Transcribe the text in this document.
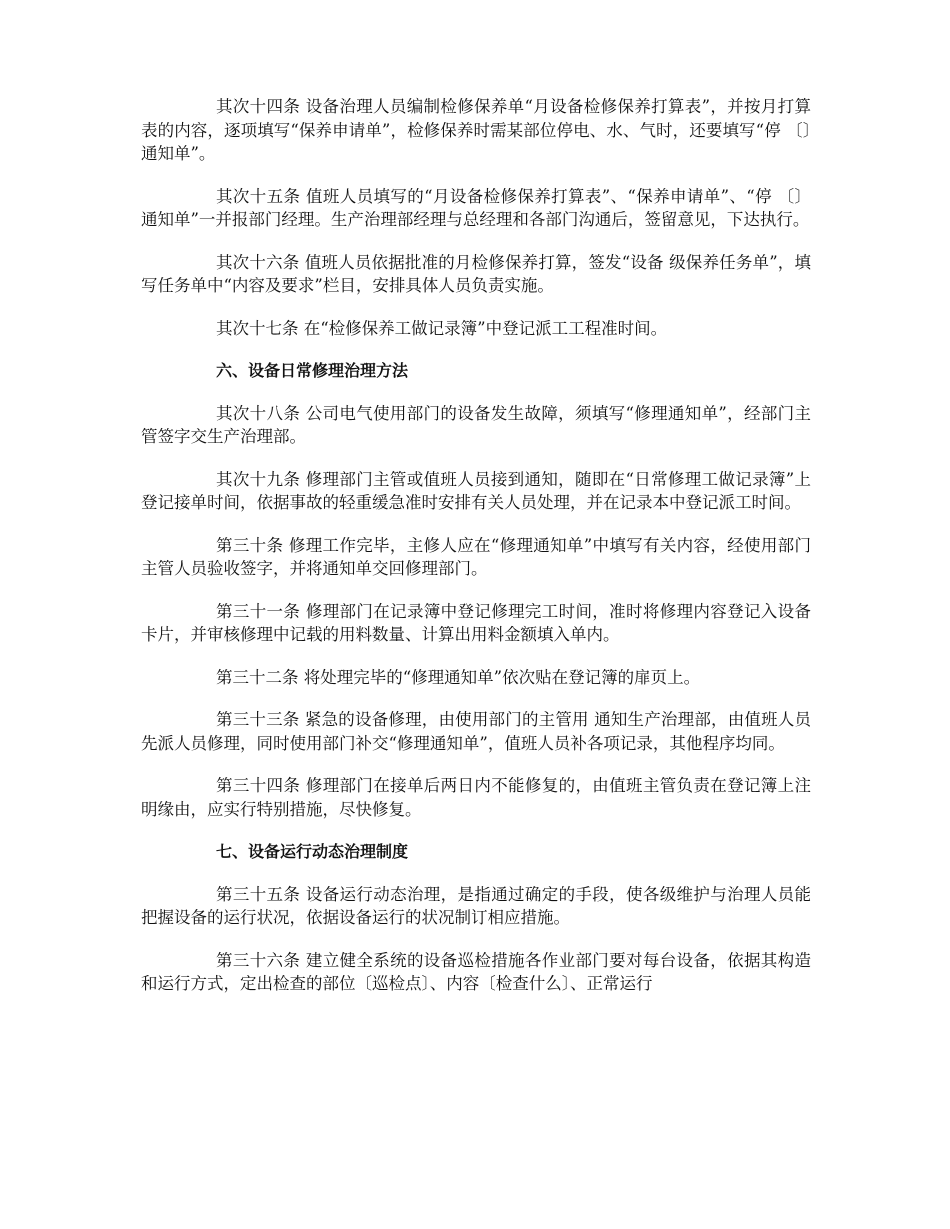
其次十四条 设备治理人员编制检修保养单“月设备检修保养打算表”，并按月打算表的内容，逐项填写“保养申请单”，检修保养时需某部位停电、水、气时，还要填写“停 〔〕通知单”。

其次十五条 值班人员填写的“月设备检修保养打算表”、“保养申请单”、“停 〔〕通知单”一并报部门经理。生产治理部经理与总经理和各部门沟通后，签留意见，下达执行。

其次十六条 值班人员依据批准的月检修保养打算，签发“设备 级保养任务单”，填写任务单中“内容及要求”栏目，安排具体人员负责实施。

其次十七条 在“检修保养工做记录簿”中登记派工工程准时间。

六、设备日常修理治理方法

其次十八条 公司电气使用部门的设备发生故障，须填写“修理通知单”，经部门主管签字交生产治理部。

其次十九条 修理部门主管或值班人员接到通知，随即在“日常修理工做记录簿”上登记接单时间，依据事故的轻重缓急准时安排有关人员处理，并在记录本中登记派工时间。

第三十条 修理工作完毕，主修人应在“修理通知单”中填写有关内容，经使用部门主管人员验收签字，并将通知单交回修理部门。

第三十一条 修理部门在记录簿中登记修理完工时间，准时将修理内容登记入设备卡片，并审核修理中记载的用料数量、计算出用料金额填入单内。

第三十二条 将处理完毕的“修理通知单”依次贴在登记簿的扉页上。

第三十三条 紧急的设备修理，由使用部门的主管用 通知生产治理部，由值班人员先派人员修理，同时使用部门补交“修理通知单”，值班人员补各项记录，其他程序均同。

第三十四条 修理部门在接单后两日内不能修复的，由值班主管负责在登记簿上注明缘由，应实行特别措施，尽快修复。

七、设备运行动态治理制度

第三十五条 设备运行动态治理，是指通过确定的手段，使各级维护与治理人员能把握设备的运行状况，依据设备运行的状况制订相应措施。

第三十六条 建立健全系统的设备巡检措施各作业部门要对每台设备，依据其构造和运行方式，定出检查的部位〔巡检点〕、内容〔检查什么〕、正常运行
